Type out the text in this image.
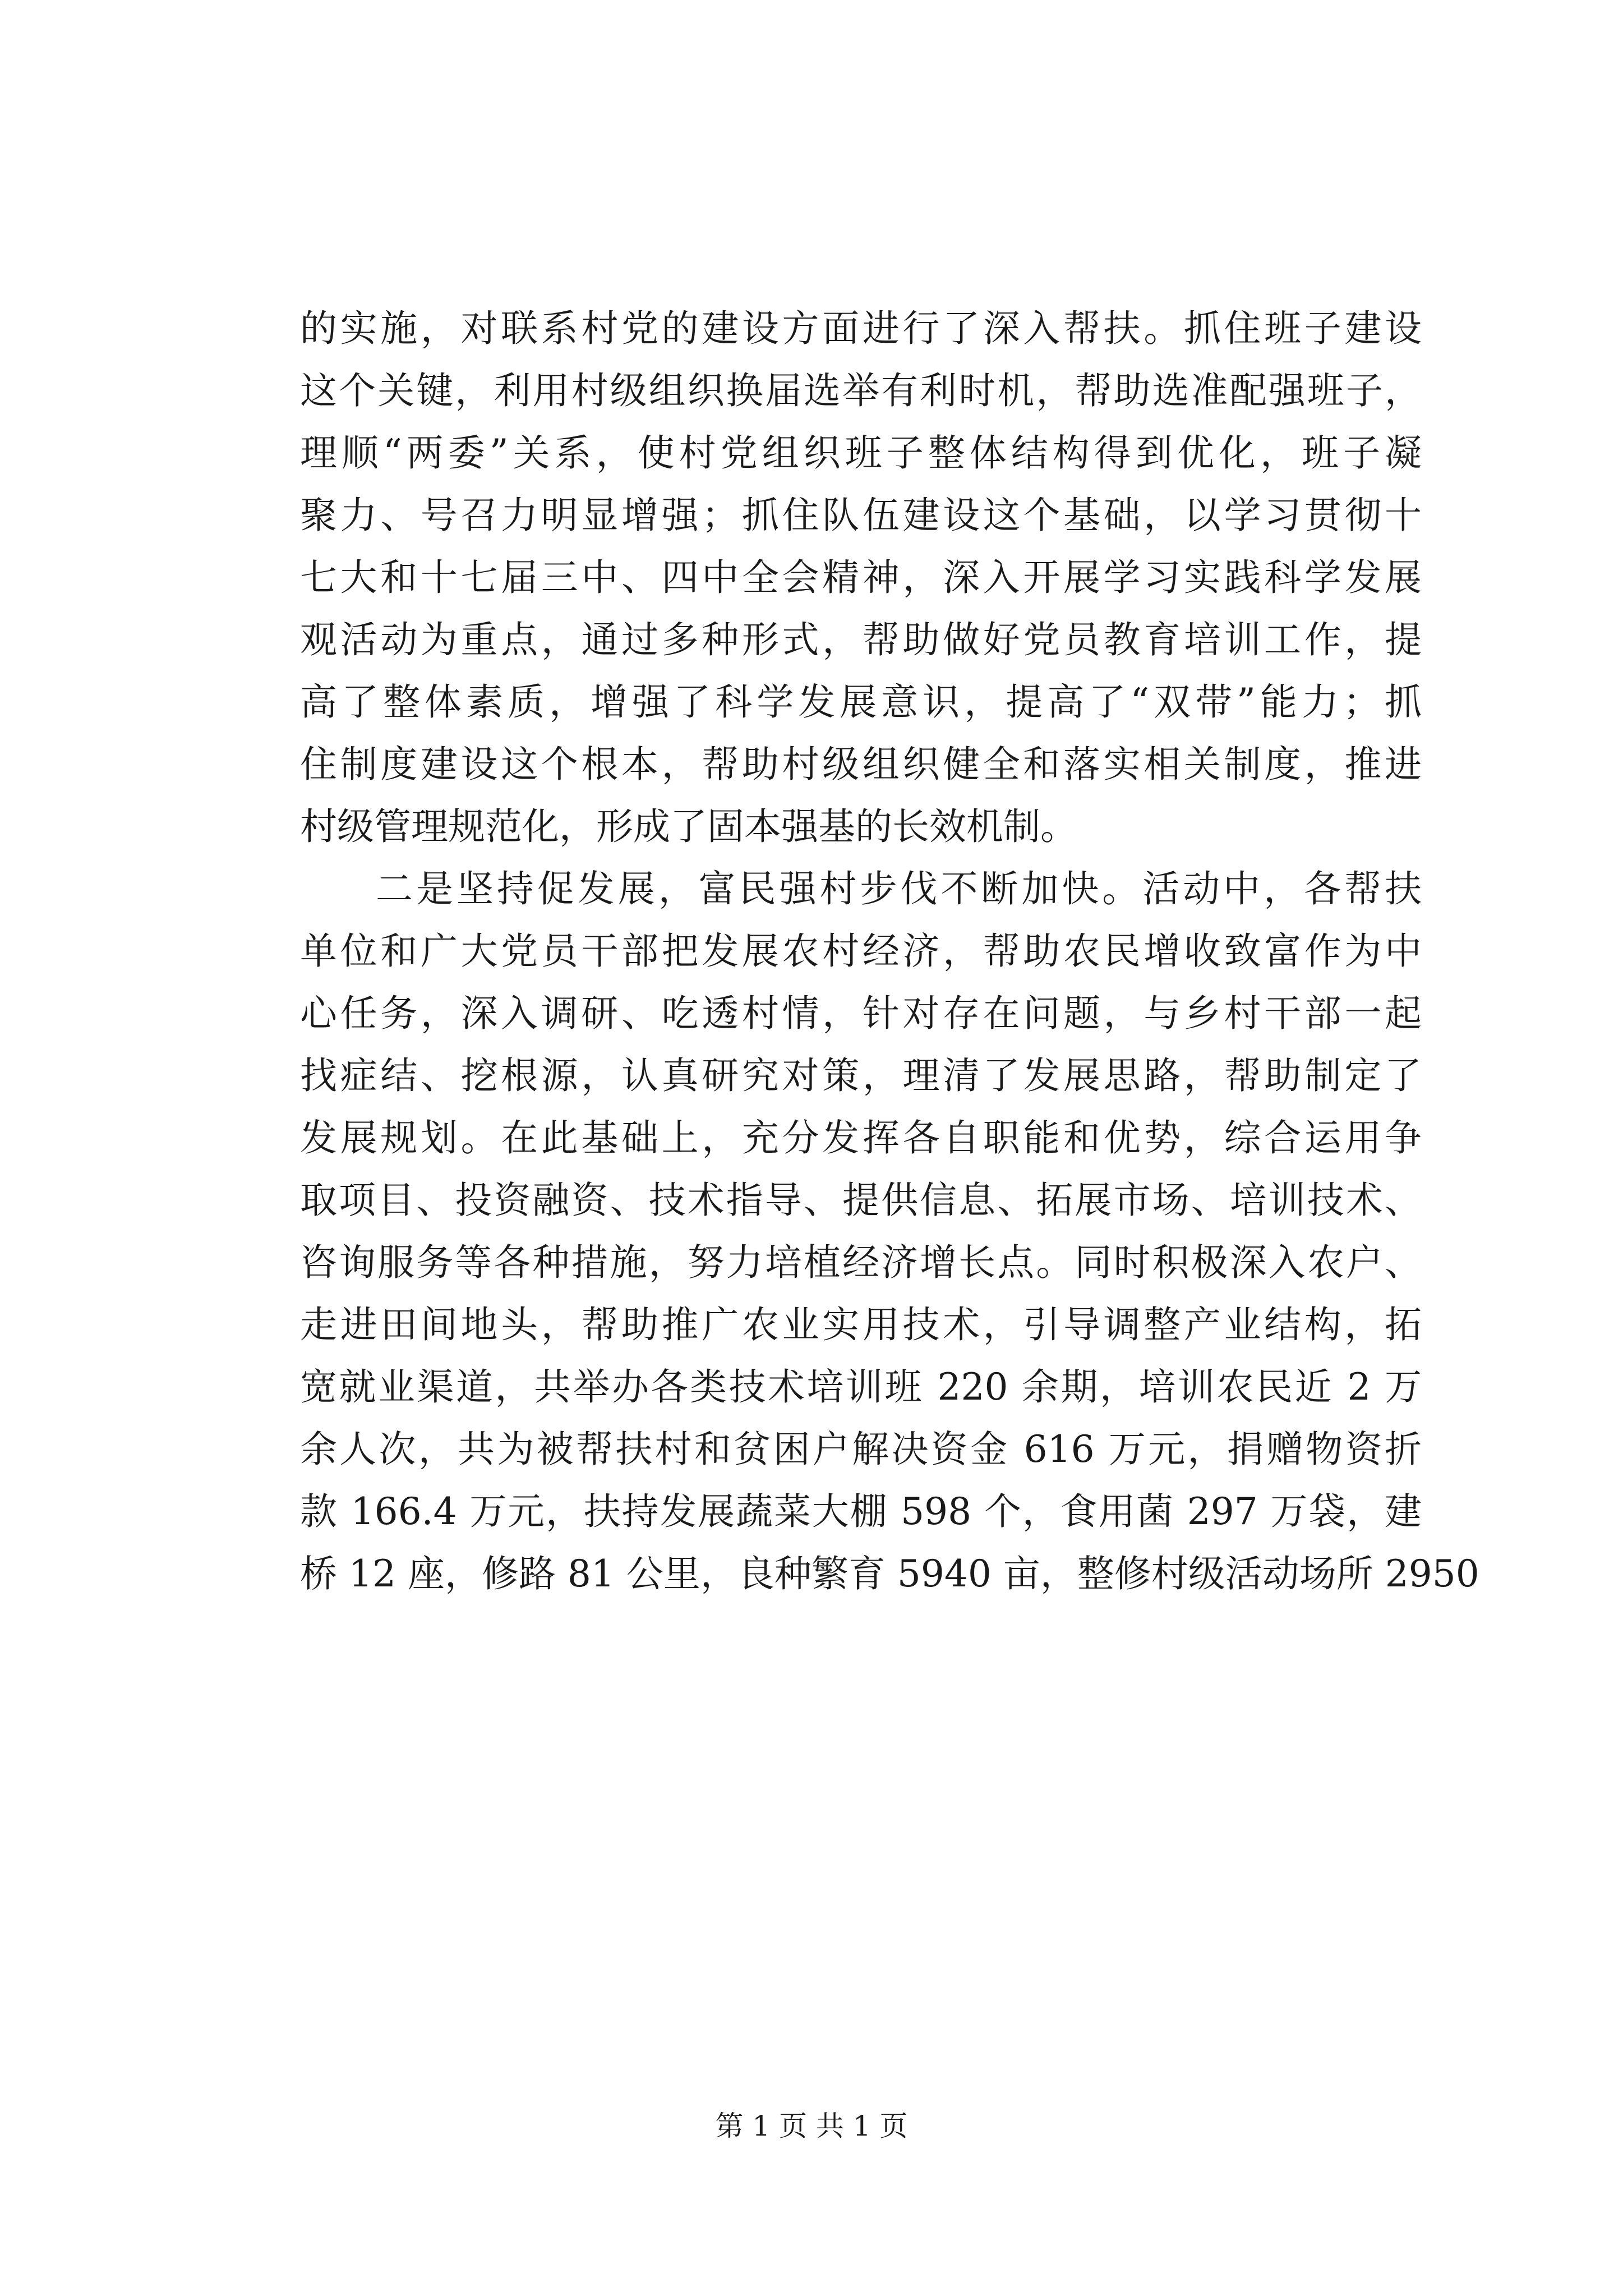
的实施，对联系村党的建设方面进行了深入帮扶。抓住班子建设
这个关键，利用村级组织换届选举有利时机，帮助选准配强班子，
理顺“两委”关系，使村党组织班子整体结构得到优化，班子凝
聚力、号召力明显增强；抓住队伍建设这个基础，以学习贯彻十
七大和十七届三中、四中全会精神，深入开展学习实践科学发展
观活动为重点，通过多种形式，帮助做好党员教育培训工作，提
高了整体素质，增强了科学发展意识，提高了“双带”能力；抓
住制度建设这个根本，帮助村级组织健全和落实相关制度，推进
村级管理规范化，形成了固本强基的长效机制。
二是坚持促发展，富民强村步伐不断加快。活动中，各帮扶
单位和广大党员干部把发展农村经济，帮助农民增收致富作为中
心任务，深入调研、吃透村情，针对存在问题，与乡村干部一起
找症结、挖根源，认真研究对策，理清了发展思路，帮助制定了
发展规划。在此基础上，充分发挥各自职能和优势，综合运用争
取项目、投资融资、技术指导、提供信息、拓展市场、培训技术、
咨询服务等各种措施，努力培植经济增长点。同时积极深入农户、
走进田间地头，帮助推广农业实用技术，引导调整产业结构，拓
宽就业渠道，共举办各类技术培训班 220 余期，培训农民近 2 万
余人次，共为被帮扶村和贫困户解决资金 616 万元，捐赠物资折
款 166.4 万元，扶持发展蔬菜大棚 598 个，食用菌 297 万袋，建
桥 12 座，修路 81 公里，良种繁育 5940 亩，整修村级活动场所 2950
第 1 页 共 1 页
